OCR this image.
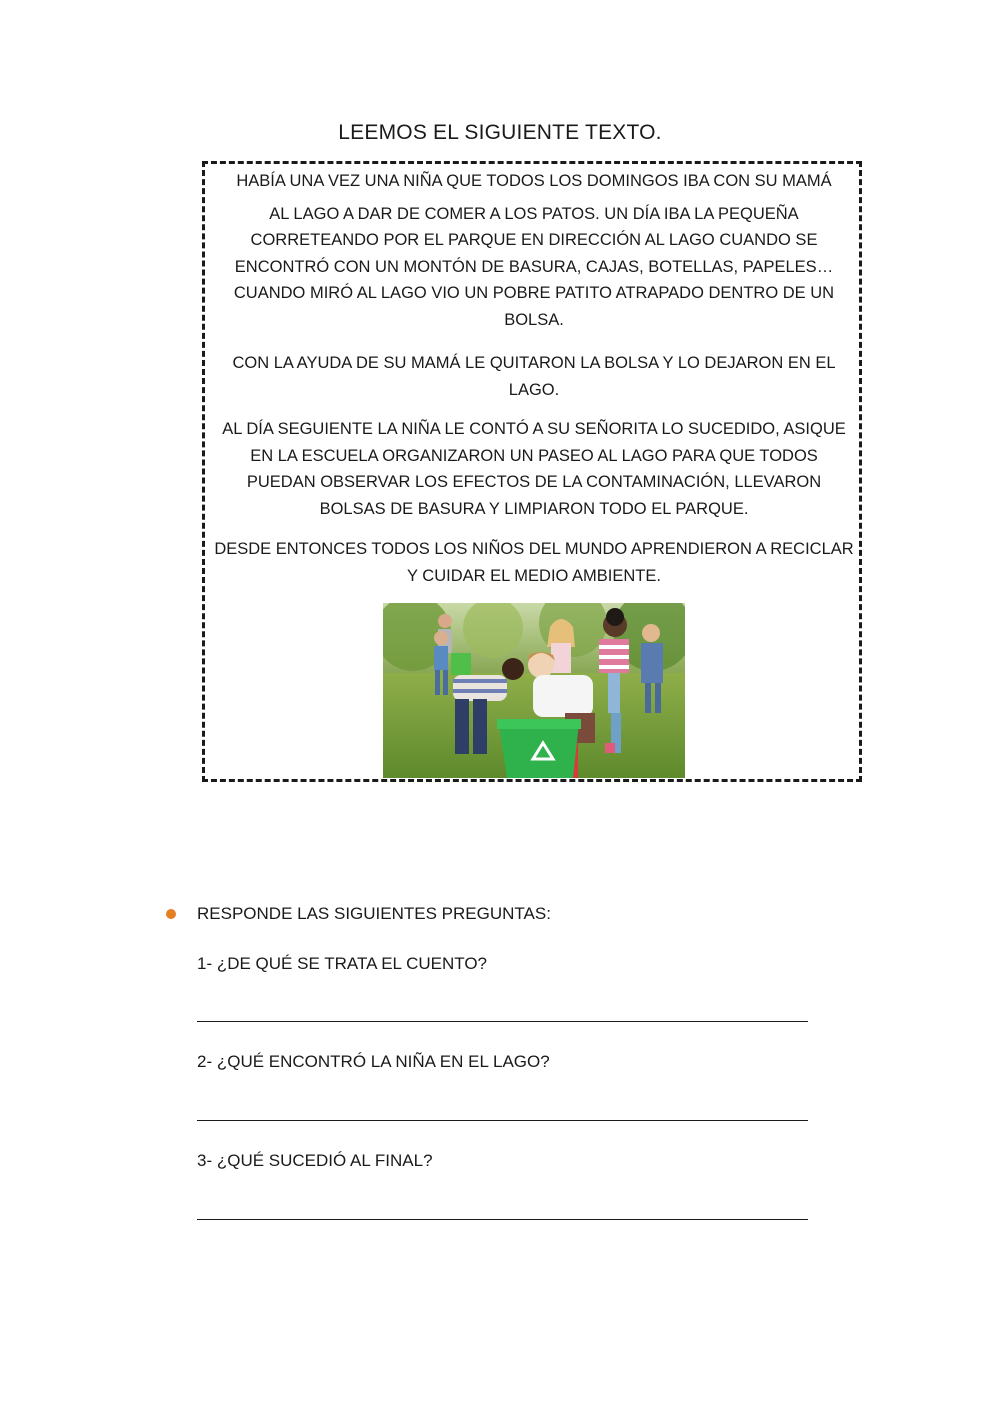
LEEMOS EL SIGUIENTE TEXTO.
HABÍA UNA VEZ UNA NIÑA QUE TODOS LOS DOMINGOS IBA CON SU MAMÁ
AL LAGO A DAR DE COMER A LOS PATOS. UN DÍA IBA LA PEQUEÑA
CORRETEANDO POR EL PARQUE EN DIRECCIÓN AL LAGO CUANDO SE
ENCONTRÓ CON UN MONTÓN DE BASURA, CAJAS, BOTELLAS, PAPELES…
CUANDO MIRÓ AL LAGO VIO UN POBRE PATITO ATRAPADO DENTRO DE UN
BOLSA.
CON LA AYUDA DE SU MAMÁ LE QUITARON LA BOLSA Y LO DEJARON EN EL
LAGO.
AL DÍA SEGUIENTE LA NIÑA LE CONTÓ A SU SEÑORITA LO SUCEDIDO, ASIQUE
EN LA ESCUELA ORGANIZARON UN PASEO AL LAGO PARA QUE TODOS
PUEDAN OBSERVAR LOS EFECTOS DE LA CONTAMINACIÓN, LLEVARON
BOLSAS DE BASURA Y LIMPIARON TODO EL PARQUE.
DESDE ENTONCES TODOS LOS NIÑOS DEL MUNDO APRENDIERON A RECICLAR
Y CUIDAR EL MEDIO AMBIENTE.
RESPONDE LAS SIGUIENTES PREGUNTAS:
1- ¿DE QUÉ SE TRATA EL CUENTO?
2- ¿QUÉ ENCONTRÓ LA NIÑA EN EL LAGO?
3- ¿QUÉ SUCEDIÓ AL FINAL?
